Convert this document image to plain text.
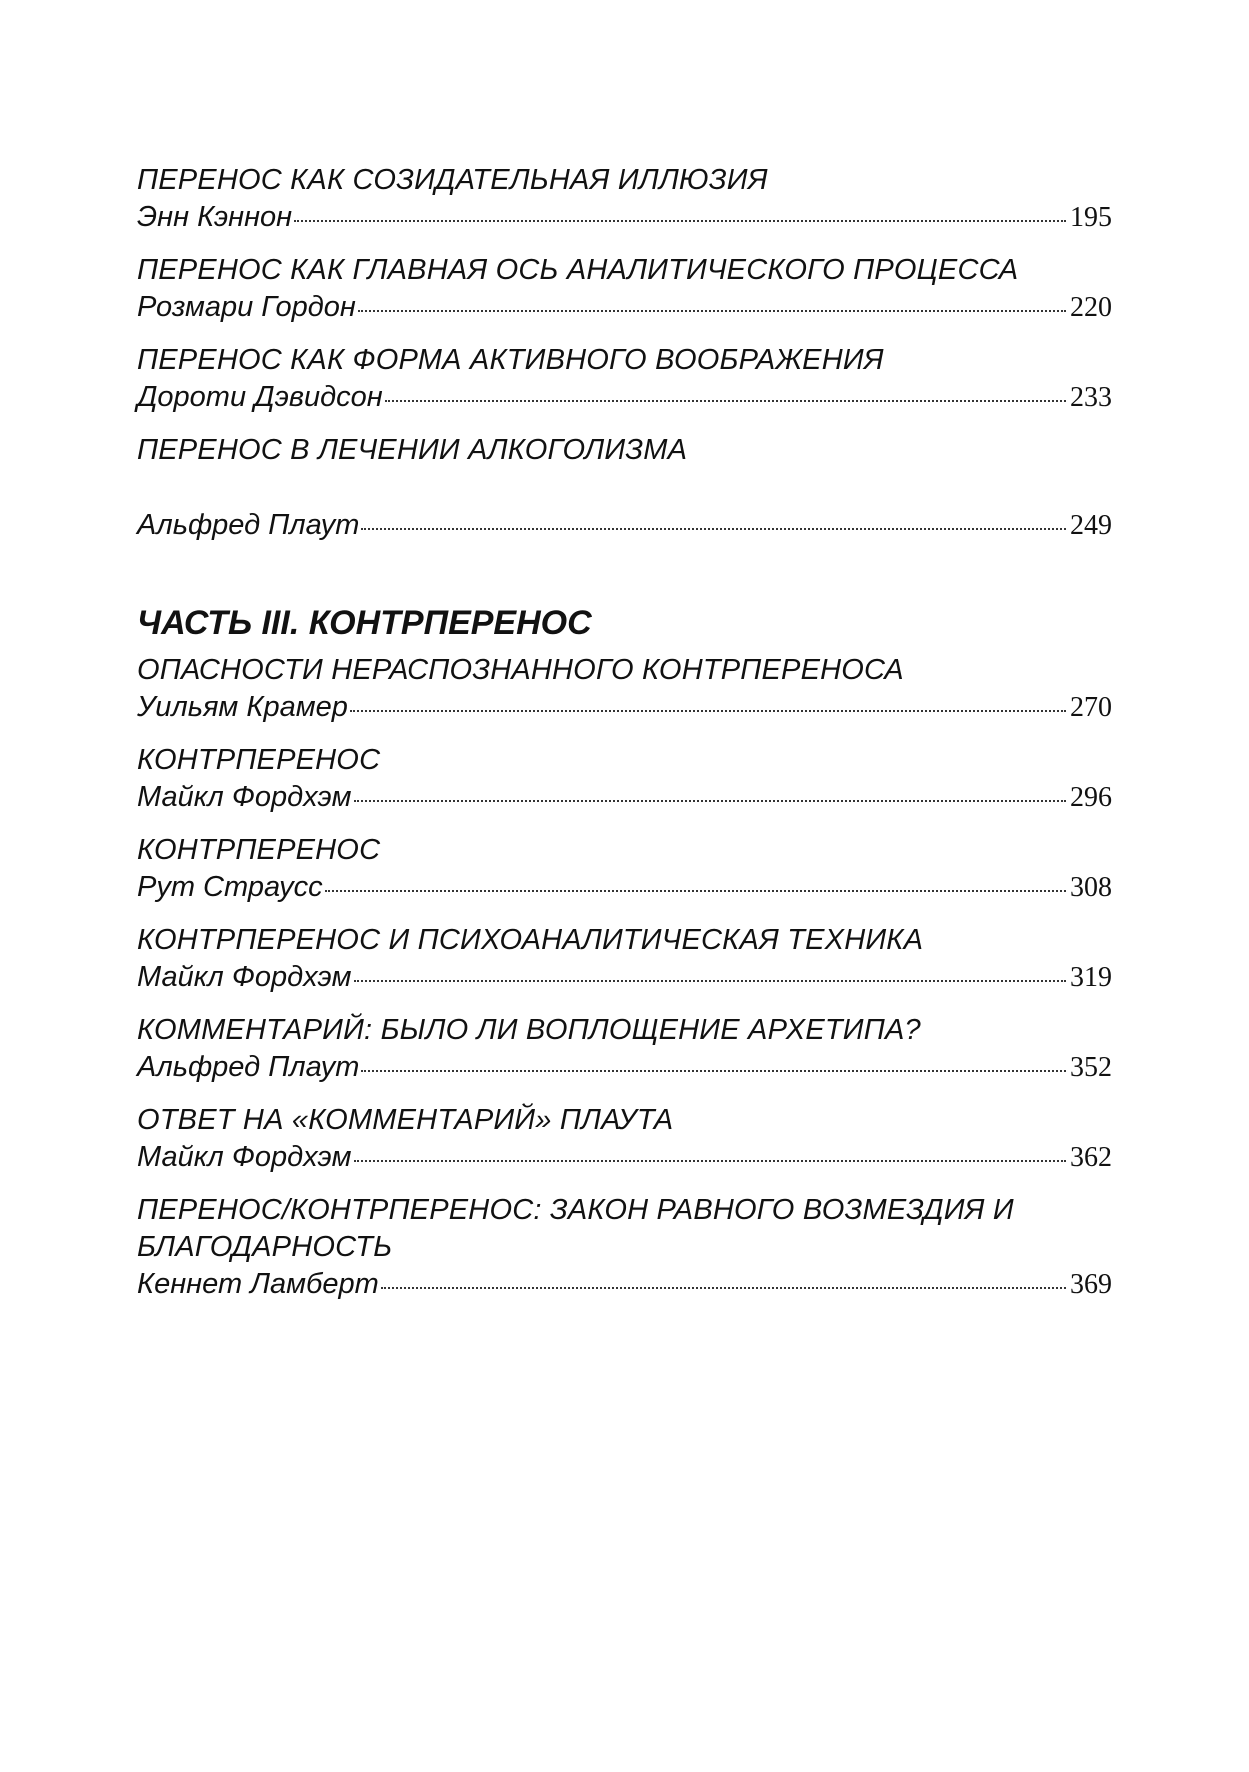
ПЕРЕНОС КАК СОЗИДАТЕЛЬНАЯ ИЛЛЮЗИЯ
Энн Кэннон	195
ПЕРЕНОС КАК ГЛАВНАЯ ОСЬ АНАЛИТИЧЕСКОГО ПРОЦЕССА
Розмари Гордон	220
ПЕРЕНОС КАК ФОРМА АКТИВНОГО ВООБРАЖЕНИЯ
Дороти Дэвидсон	233
ПЕРЕНОС В ЛЕЧЕНИИ АЛКОГОЛИЗМА
Альфред Плаут	249
ЧАСТЬ III. КОНТРПЕРЕНОС
ОПАСНОСТИ НЕРАСПОЗНАННОГО КОНТРПЕРЕНОСА
Уильям Крамер	270
КОНТРПЕРЕНОС
Майкл Фордхэм	296
КОНТРПЕРЕНОС
Рут Страусс	308
КОНТРПЕРЕНОС И ПСИХОАНАЛИТИЧЕСКАЯ ТЕХНИКА
Майкл Фордхэм	319
КОММЕНТАРИЙ: БЫЛО ЛИ ВОПЛОЩЕНИЕ АРХЕТИПА?
Альфред Плаут	352
ОТВЕТ НА «КОММЕНТАРИЙ» ПЛАУТА
Майкл Фордхэм	362
ПЕРЕНОС/КОНТРПЕРЕНОС: ЗАКОН РАВНОГО ВОЗМЕЗДИЯ И БЛАГОДАРНОСТЬ
Кеннет Ламберт	369
